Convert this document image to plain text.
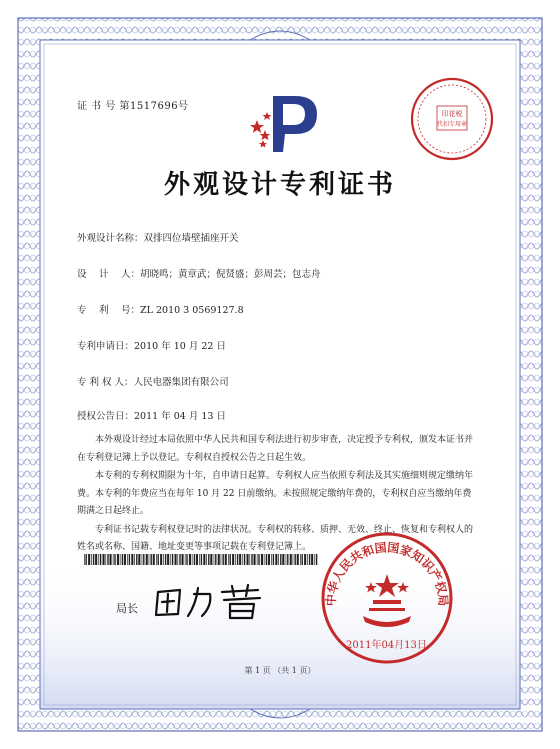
证 书 号 第1517696号
印花税
代扣专用章
外观设计专利证书
外观设计名称：双排四位墙壁插座开关
设　 计　 人：胡晓鸣；黄章武；倪贤盛；彭周芸；包志舟
专　 利　 号：ZL 2010 3 0569127.8
专利申请日：2010 年 10 月 22 日
专 利 权 人：人民电器集团有限公司
授权公告日：2011 年 04 月 13 日

本外观设计经过本局依照中华人民共和国专利法进行初步审查，决定授予专利权，颁发本证书并在专利登记簿上予以登记。专利权自授权公告之日起生效。

本专利的专利权期限为十年，自申请日起算。专利权人应当依照专利法及其实施细则规定缴纳年费。本专利的年费应当在每年 10 月 22 日前缴纳。未按照规定缴纳年费的，专利权自应当缴纳年费期满之日起终止。

专利证书记载专利权登记时的法律状况。专利权的转移、质押、无效、终止、恢复和专利权人的姓名或名称、国籍、地址变更等事项记载在专利登记簿上。

局长
中华人民共和国国家知识产权局
2011年04月13日
第 1 页 （共 1 页）
